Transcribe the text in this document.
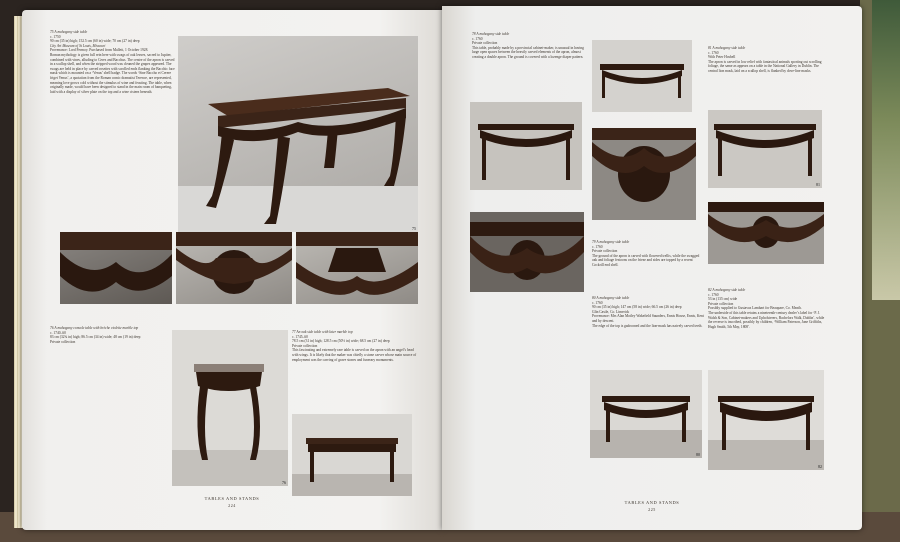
75 A mahogany side table
c. 1750
90 cm (35 in) high; 152.5 cm (60 in) wide; 70 cm (27 in) deep
City Art Museum of St Louis, Missouri
Provenance: Lord Fermoy. Purchased from Mallett, 1 October 1928.
Roman mythology is given full rein here with swags of oak leaves, sacred to Jupiter, combined with vines, alluding to Ceres and Bacchus. The centre of the apron is carved in a scallop shell, and when the stripped wood was cleaned the grapes appeared. The swags are held in place by carved rosettes with scrolled ends flanking the Bacchic face mask which is mounted on a ‘Venus’ shell badge. The words ‘Sine Baccho et Cerere friget Venus’, a quotation from the Roman comic dramatist Terence, are represented, meaning love grows cold without the stimulus of wine and feasting. The table, when originally made, would have been designed to stand in the main room of banqueting, laid with a display of silver plate on the top and a wine cistern beneath.
75
76 A mahogany console table with brèche violette marble top
c. 1740–60
83 cm (32¾ in) high; 86.5 cm (34 in) wide; 48 cm (19 in) deep
Private collection
76
77 An oak side table with later marble top
c. 1745–60
78.5 cm (31 in) high; 128.5 cm (50½ in) wide; 68.5 cm (27 in) deep
Private collection
This fascinating and extremely rare table is carved on the apron with an angel’s head with wings. It is likely that the maker was chiefly a stone carver whose main source of employment was the carving of grave stones and funerary monuments.
TABLES AND STANDS
224
78 A mahogany side table
c. 1760
Private collection
This table, probably made by a provincial cabinet-maker, is unusual in having large open spaces between the heavily carved elements of the apron, almost creating a double apron. The ground is covered with a lozenge diaper pattern.
79 A mahogany side table
c. 1760
Private collection
The ground of the apron is carved with flowered trellis, while the swagged oak and foliage festoons on the frieze and sides are topped by a recent Cockrill end shell.
80 A mahogany side table
c. 1760
90 cm (35 in) high; 147 cm (58 in) wide; 66.5 cm (26 in) deep
Glin Castle, Co. Limerick
Provenance: Mrs Alan Motley Wakefield Saunders, Ennis House, Ennis, Kent and by descent.
The edge of the top is gadrooned and the lion-mask has naively carved teeth.
81 A mahogany side table
c. 1760
With Peter Hosbell
The apron is carved in low relief with fantastical animals sporting out scrolling foliage, the same as appears on a table in the National Gallery in Dublin. The central lion mask, laid on a scallop shell, is flanked by dove-line masks.
81
82 A mahogany side table
c. 1760
53 in (135 cm) wide
Private collection
Possibly supplied to Gustavus Lambart for Beaupare, Co. Meath.
The underside of this table retains a nineteenth-century dealer’s label for ‘P. J. Walsh & Son, Cabinet-makers and Upholsterers, Bachelors Walk, Dublin’, while the reverse is inscribed, possibly by children, ‘William Paterson, Jane Griffiths, Hugh Smith, 5th May, 1808’.
80
82
TABLES AND STANDS
225
